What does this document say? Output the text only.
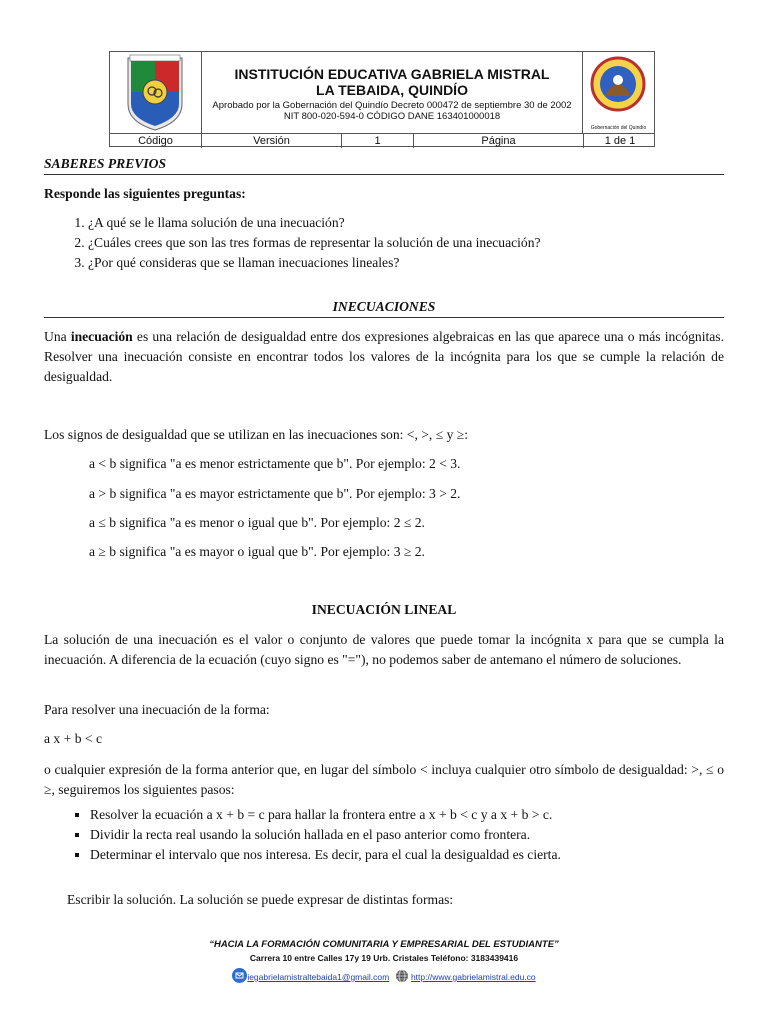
INSTITUCIÓN EDUCATIVA GABRIELA MISTRAL
LA TEBAIDA, QUINDÍO
Aprobado por la Gobernación del Quindío Decreto 000472 de septiembre 30 de 2002
NIT 800-020-594-0 CÓDIGO DANE 163401000018
Gobernación del Quindío
Código	Versión	1	Página	1 de 1
SABERES PREVIOS
Responde las siguientes preguntas:
1. ¿A qué se le llama solución de una inecuación?
2. ¿Cuáles crees que son las tres formas de representar la solución de una inecuación?
3. ¿Por qué consideras que se llaman inecuaciones lineales?
INECUACIONES
Una inecuación es una relación de desigualdad entre dos expresiones algebraicas en las que aparece una o más incógnitas. Resolver una inecuación consiste en encontrar todos los valores de la incógnita para los que se cumple la relación de desigualdad.
Los signos de desigualdad que se utilizan en las inecuaciones son: <, >, ≤ y ≥:
a < b significa "a es menor estrictamente que b". Por ejemplo: 2 < 3.
a > b significa "a es mayor estrictamente que b". Por ejemplo: 3 > 2.
a ≤ b significa "a es menor o igual que b". Por ejemplo: 2 ≤ 2.
a ≥ b significa "a es mayor o igual que b". Por ejemplo: 3 ≥ 2.
INECUACIÓN LINEAL
La solución de una inecuación es el valor o conjunto de valores que puede tomar la incógnita x para que se cumpla la inecuación. A diferencia de la ecuación (cuyo signo es "="), no podemos saber de antemano el número de soluciones.
Para resolver una inecuación de la forma:
a x + b < c
o cualquier expresión de la forma anterior que, en lugar del símbolo < incluya cualquier otro símbolo de desigualdad: >, ≤ o ≥, seguiremos los siguientes pasos:
▪ Resolver la ecuación a x + b = c para hallar la frontera entre a x + b < c y a x + b > c.
▪ Dividir la recta real usando la solución hallada en el paso anterior como frontera.
▪ Determinar el intervalo que nos interesa. Es decir, para el cual la desigualdad es cierta.
Escribir la solución. La solución se puede expresar de distintas formas:
“HACIA LA FORMACIÓN COMUNITARIA Y EMPRESARIAL DEL ESTUDIANTE”
Carrera 10 entre Calles 17y 19 Urb. Cristales Teléfono: 3183439416
iegabrielamistraltebaida1@gmail.com	http://www.gabrielamistral.edu.co
